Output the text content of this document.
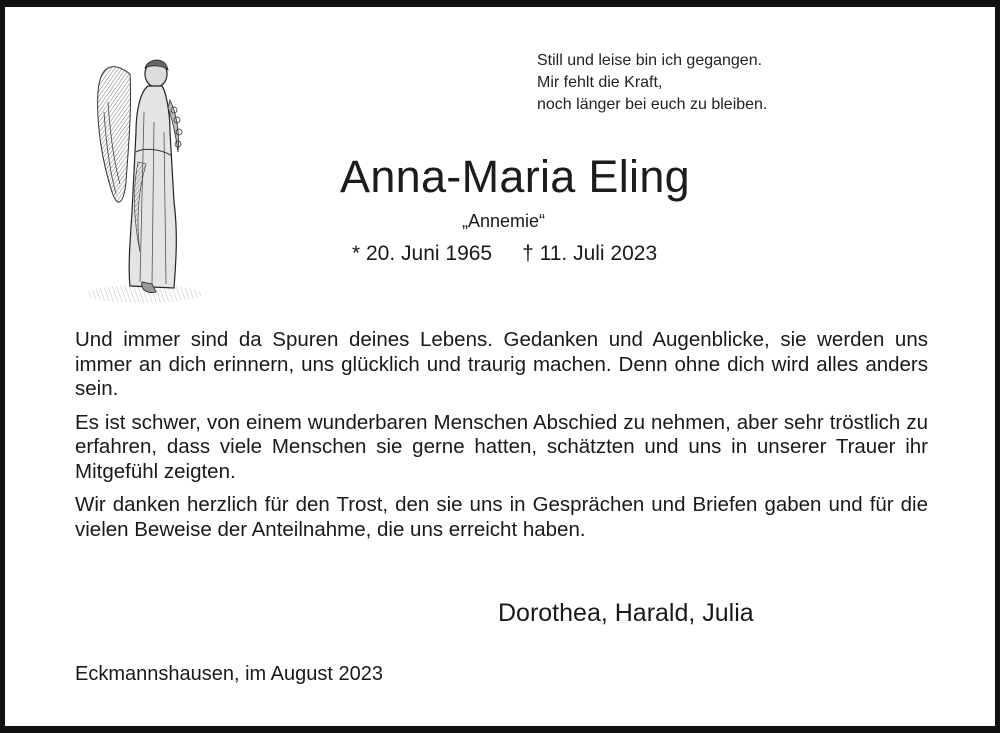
Still und leise bin ich gegangen.
Mir fehlt die Kraft,
noch länger bei euch zu bleiben.
Anna-Maria Eling
„Annemie“
* 20. Juni 1965 † 11. Juli 2023

Und immer sind da Spuren deines Lebens. Gedanken und Augenblicke, sie werden uns immer an dich erinnern, uns glücklich und traurig machen. Denn ohne dich wird alles anders sein.

Es ist schwer, von einem wunderbaren Menschen Abschied zu nehmen, aber sehr tröstlich zu erfahren, dass viele Menschen sie gerne hatten, schätzten und uns in unserer Trauer ihr Mitgefühl zeigten.

Wir danken herzlich für den Trost, den sie uns in Gesprächen und Briefen gaben und für die vielen Beweise der Anteilnahme, die uns erreicht haben.

Dorothea, Harald, Julia
Eckmannshausen, im August 2023
